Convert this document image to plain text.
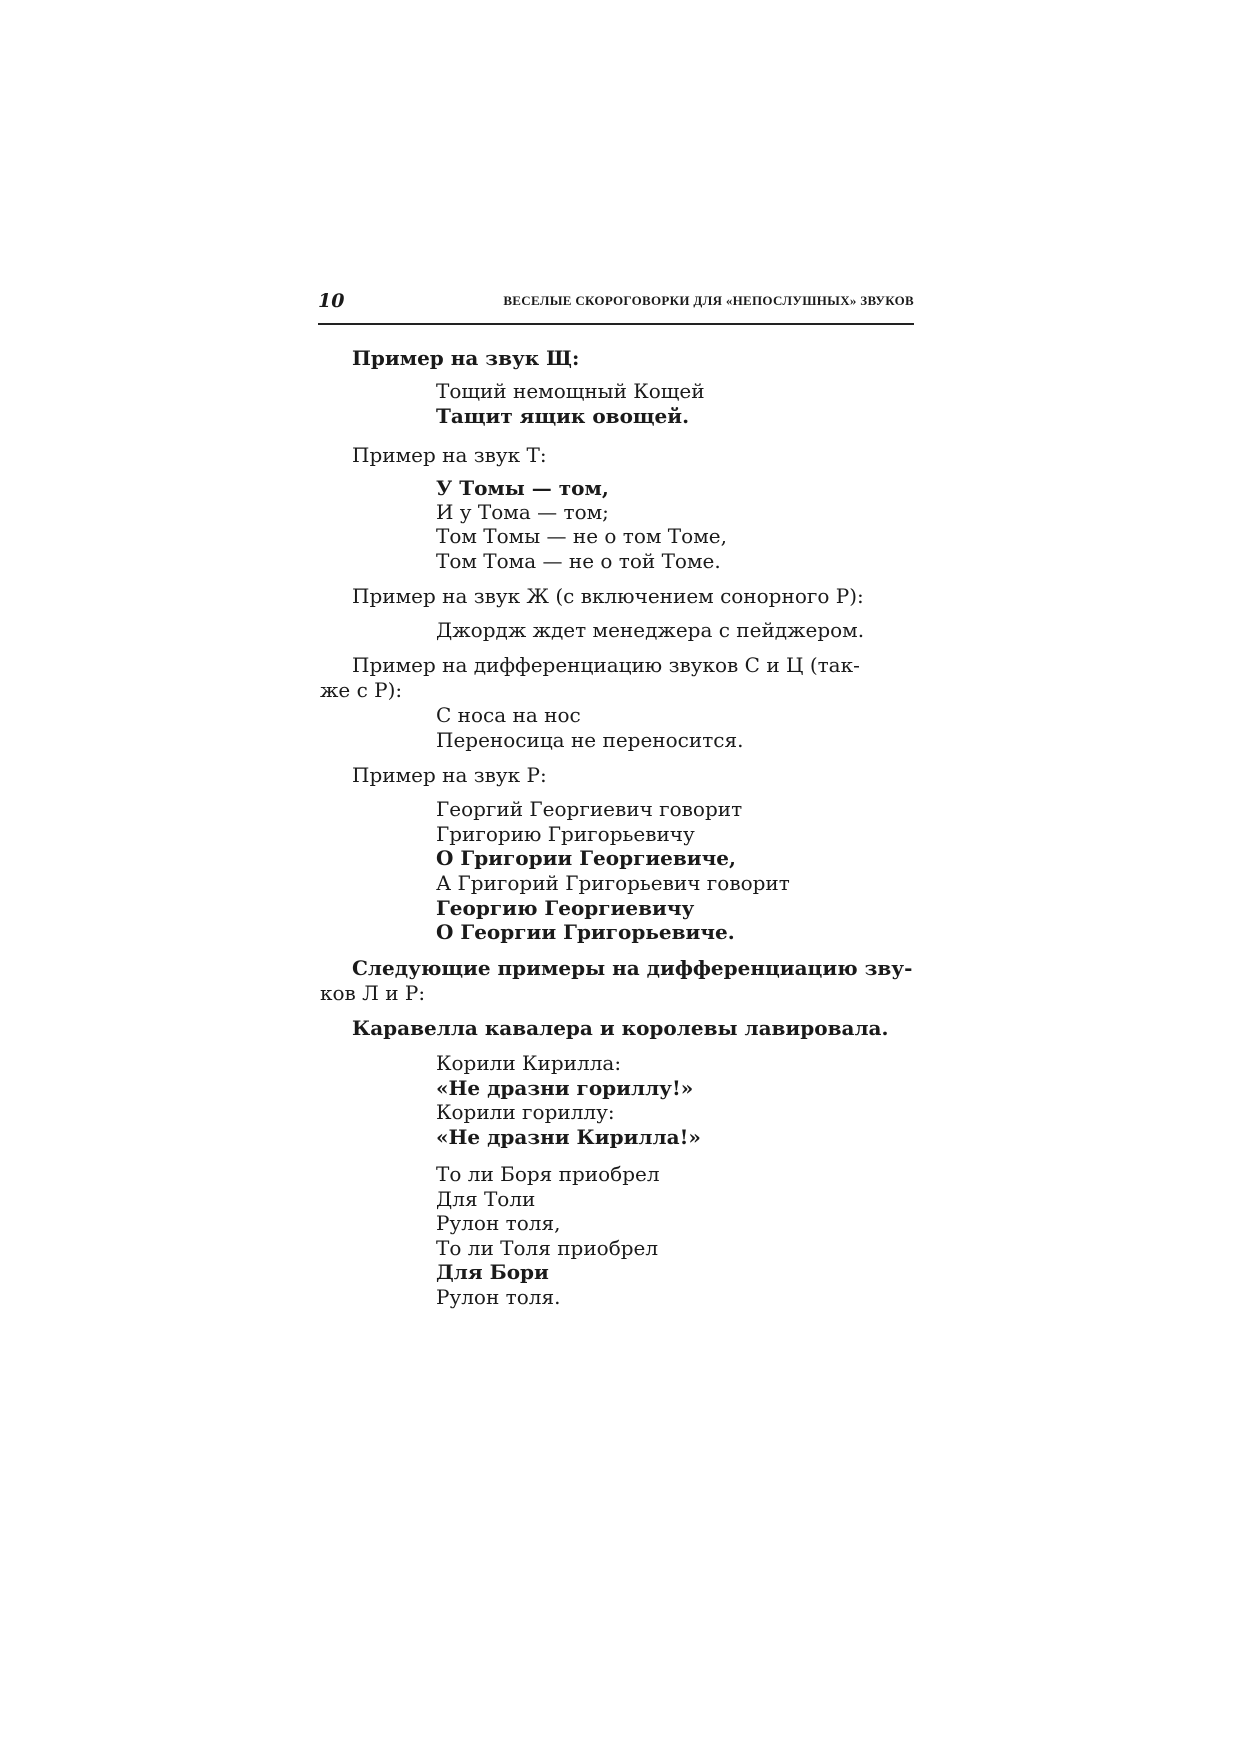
10	ВЕСЕЛЫЕ СКОРОГОВОРКИ ДЛЯ «НЕПОСЛУШНЫХ» ЗВУКОВ
Пример на звук Щ:
Тощий немощный Кощей
Тащит ящик овощей.
Пример на звук Т:
У Томы — том,
И у Тома — том;
Том Томы — не о том Томе,
Том Тома — не о той Томе.
Пример на звук Ж (с включением сонорного Р):
Джордж ждет менеджера с пейджером.
Пример на дифференциацию звуков С и Ц (так-
же с Р):
С носа на нос
Переносица не переносится.
Пример на звук Р:
Георгий Георгиевич говорит
Григорию Григорьевичу
О Григории Георгиевиче,
А Григорий Григорьевич говорит
Георгию Георгиевичу
О Георгии Григорьевиче.
Следующие примеры на дифференциацию зву-
ков Л и Р:
Каравелла кавалера и королевы лавировала.
Корили Кирилла:
«Не дразни гориллу!»
Корили гориллу:
«Не дразни Кирилла!»
То ли Боря приобрел
Для Толи
Рулон толя,
То ли Толя приобрел
Для Бори
Рулон толя.
